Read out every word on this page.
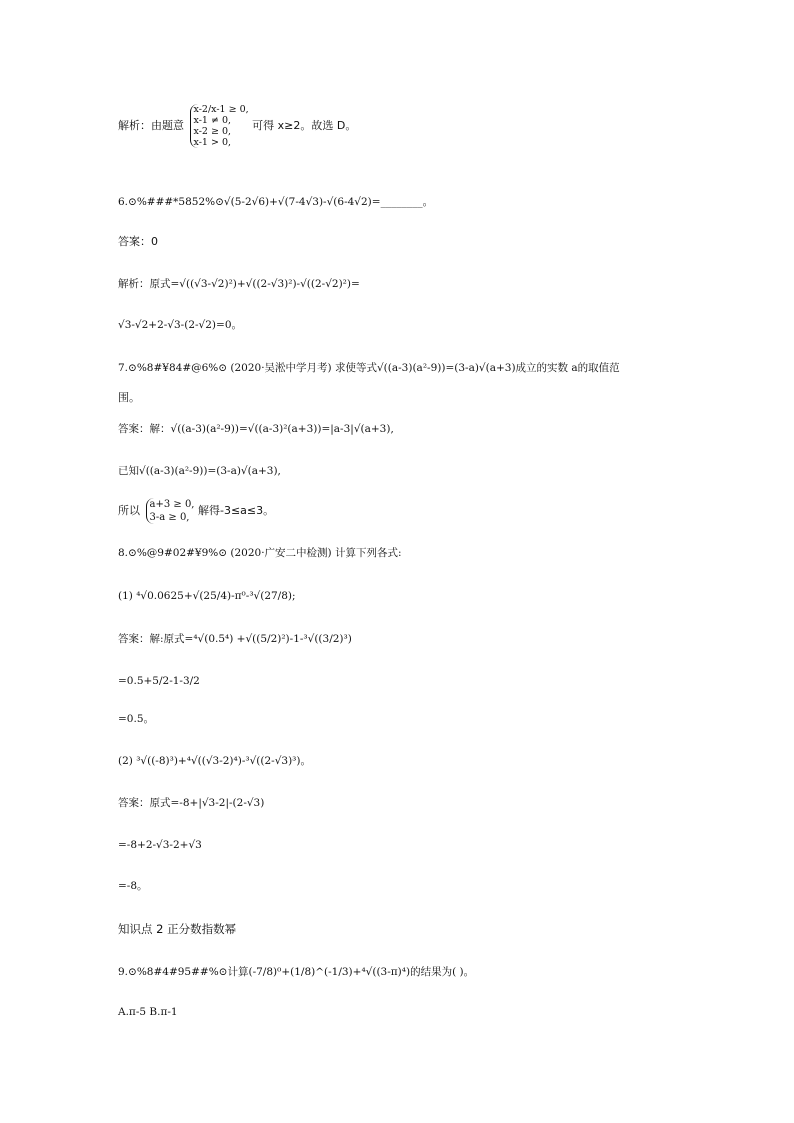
解析：由题意
x-2/x-1 ≥ 0,
x-1 ≠ 0,
x-2 ≥ 0,
x-1 > 0,
可得 x≥2。故选 D。
6.⊙%###*5852%⊙√(5-2√6)+√(7-4√3)-√(6-4√2)=________。
答案：0
解析：原式=√((√3-√2)²)+√((2-√3)²)-√((2-√2)²)=
√3-√2+2-√3-(2-√2)=0。
7.⊙%8#¥84#@6%⊙ (2020·吴淞中学月考) 求使等式√((a-3)(a²-9))=(3-a)√(a+3)成立的实数 a的取值范
围。
答案：解：√((a-3)(a²-9))=√((a-3)²(a+3))=|a-3|√(a+3),
已知√((a-3)(a²-9))=(3-a)√(a+3),
所以 a+3 ≥ 0,
3-a ≥ 0,
解得-3≤a≤3。
8.⊙%@9#02#¥9%⊙ (2020·广安二中检测) 计算下列各式:
(1) ⁴√0.0625+√(25/4)-π⁰-³√(27/8);
答案：解:原式=⁴√(0.5⁴) +√((5/2)²)-1-³√((3/2)³)
=0.5+5/2-1-3/2
=0.5。
(2) ³√((-8)³)+⁴√((√3-2)⁴)-³√((2-√3)³)。
答案：原式=-8+|√3-2|-(2-√3)
=-8+2-√3-2+√3
=-8。
知识点 2 正分数指数幂
9.⊙%8#4#95##%⊙计算(-7/8)⁰+(1/8)^(-1/3)+⁴√((3-π)⁴)的结果为( )。
A.π-5 B.π-1
